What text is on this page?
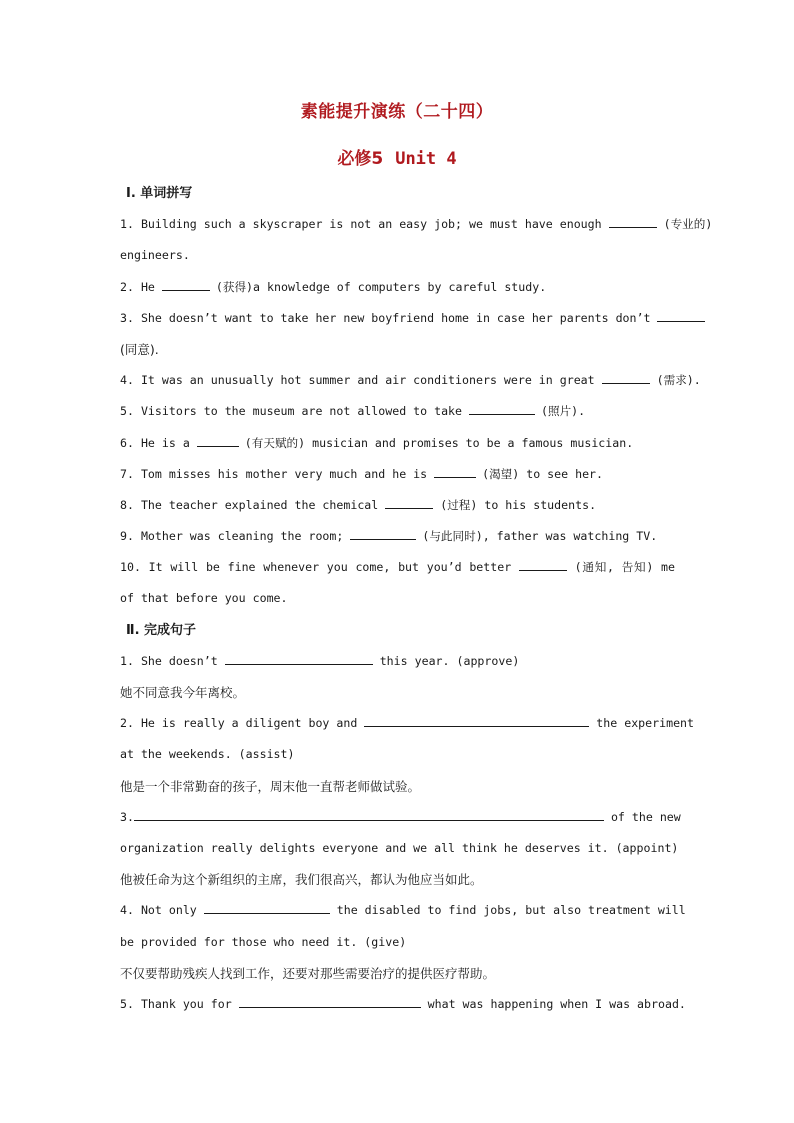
素能提升演练（二十四）
必修5 Unit 4
Ⅰ. 单词拼写
1. Building such a skyscraper is not an easy job; we must have enough	(专业的)
engineers.
2. He	(获得)a knowledge of computers by careful study.
3. She doesn’t want to take her new boyfriend home in case her parents don’t
(同意).
4. It was an unusually hot summer and air conditioners were in great	(需求).
5. Visitors to the museum are not allowed to take	(照片).
6. He is a	(有天赋的) musician and promises to be a famous musician.
7. Tom misses his mother very much and he is	(渴望) to see her.
8. The teacher explained the chemical	(过程) to his students.
9. Mother was cleaning the room;	(与此同时), father was watching TV.
10. It will be fine whenever you come, but you’d better	(通知, 告知) me
of that before you come.
Ⅱ. 完成句子
1. She doesn’t	this year. (approve)
她不同意我今年离校。
2. He is really a diligent boy and	the experiment
at the weekends. (assist)
他是一个非常勤奋的孩子，周末他一直帮老师做试验。
3.	of the new
organization really delights everyone and we all think he deserves it. (appoint)
他被任命为这个新组织的主席，我们很高兴，都认为他应当如此。
4. Not only	the disabled to find jobs, but also treatment will
be provided for those who need it. (give)
不仅要帮助残疾人找到工作，还要对那些需要治疗的提供医疗帮助。
5. Thank you for	what was happening when I was abroad.
